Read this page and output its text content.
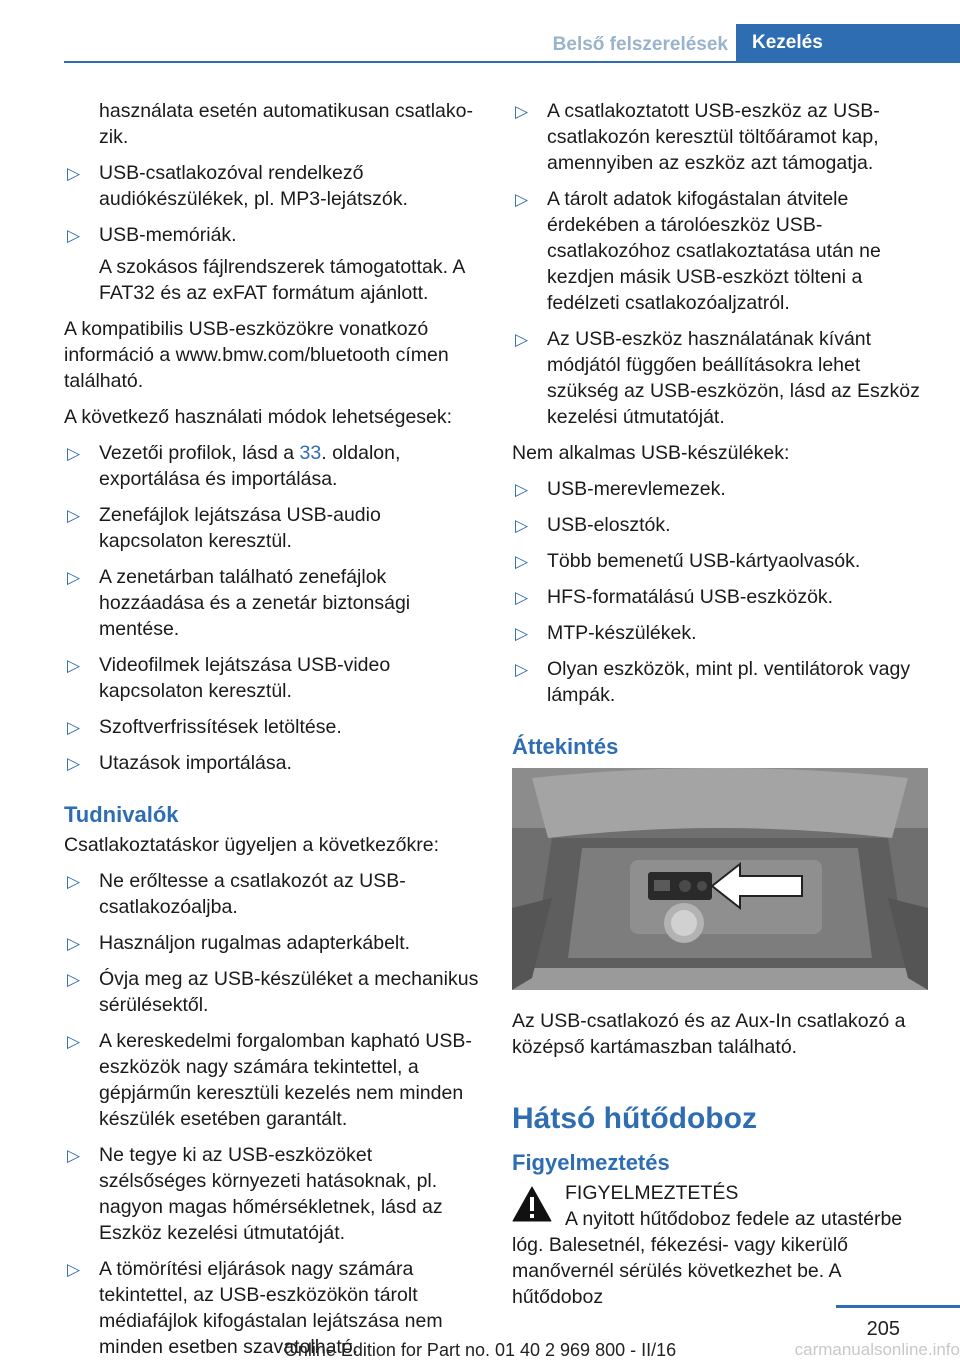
Belső felszerelések	Kezelés

használata esetén automatikusan csatlakozik.

▷ USB-csatlakozóval rendelkező audiókészülékek, pl. MP3-lejátszók.
▷ USB-memóriák.

A szokásos fájlrendszerek támogatottak. A FAT32 és az exFAT formátum ajánlott.

A kompatibilis USB-eszközökre vonatkozó információ a www.bmw.com/bluetooth címen található.

A következő használati módok lehetségesek:

▷ Vezetői profilok, lásd a 33. oldalon, exportálása és importálása.
▷ Zenefájlok lejátszása USB-audio kapcsolaton keresztül.
▷ A zenetárban található zenefájlok hozzáadása és a zenetár biztonsági mentése.
▷ Videofilmek lejátszása USB-video kapcsolaton keresztül.
▷ Szoftverfrissítések letöltése.
▷ Utazások importálása.
Tudnivalók

Csatlakoztatáskor ügyeljen a következőkre:

▷ Ne erőltesse a csatlakozót az USB-csatlakozóaljba.
▷ Használjon rugalmas adapterkábelt.
▷ Óvja meg az USB-készüléket a mechanikus sérülésektől.
▷ A kereskedelmi forgalomban kapható USB-eszközök nagy számára tekintettel, a gépjárműn keresztüli kezelés nem minden készülék esetében garantált.
▷ Ne tegye ki az USB-eszközöket szélsőséges környezeti hatásoknak, pl. nagyon magas hőmérsékletnek, lásd az Eszköz kezelési útmutatóját.
▷ A tömörítési eljárások nagy számára tekintettel, az USB-eszközökön tárolt médiafájlok kifogástalan lejátszása nem minden esetben szavatolható.
▷ A csatlakoztatott USB-eszköz az USB-csatlakozón keresztül töltőáramot kap, amennyiben az eszköz azt támogatja.
▷ A tárolt adatok kifogástalan átvitele érdekében a tárolóeszköz USB-csatlakozóhoz csatlakoztatása után ne kezdjen másik USB-eszközt tölteni a fedélzeti csatlakozóaljzatról.
▷ Az USB-eszköz használatának kívánt módjától függően beállításokra lehet szükség az USB-eszközön, lásd az Eszköz kezelési útmutatóját.

Nem alkalmas USB-készülékek:

▷ USB-merevlemezek.
▷ USB-elosztók.
▷ Több bemenetű USB-kártyaolvasók.
▷ HFS-formatálású USB-eszközök.
▷ MTP-készülékek.
▷ Olyan eszközök, mint pl. ventilátorok vagy lámpák.
Áttekintés

Az USB-csatlakozó és az Aux-In csatlakozó a középső kartámaszban található.

Hátsó hűtődoboz
Figyelmeztetés
FIGYELMEZTETÉS
A nyitott hűtődoboz fedele az utastérbe
lóg. Balesetnél, fékezési- vagy kikerülő manővernél sérülés következhet be. A hűtődoboz
205
Online Edition for Part no. 01 40 2 969 800 - II/16	carmanualsonline.info
